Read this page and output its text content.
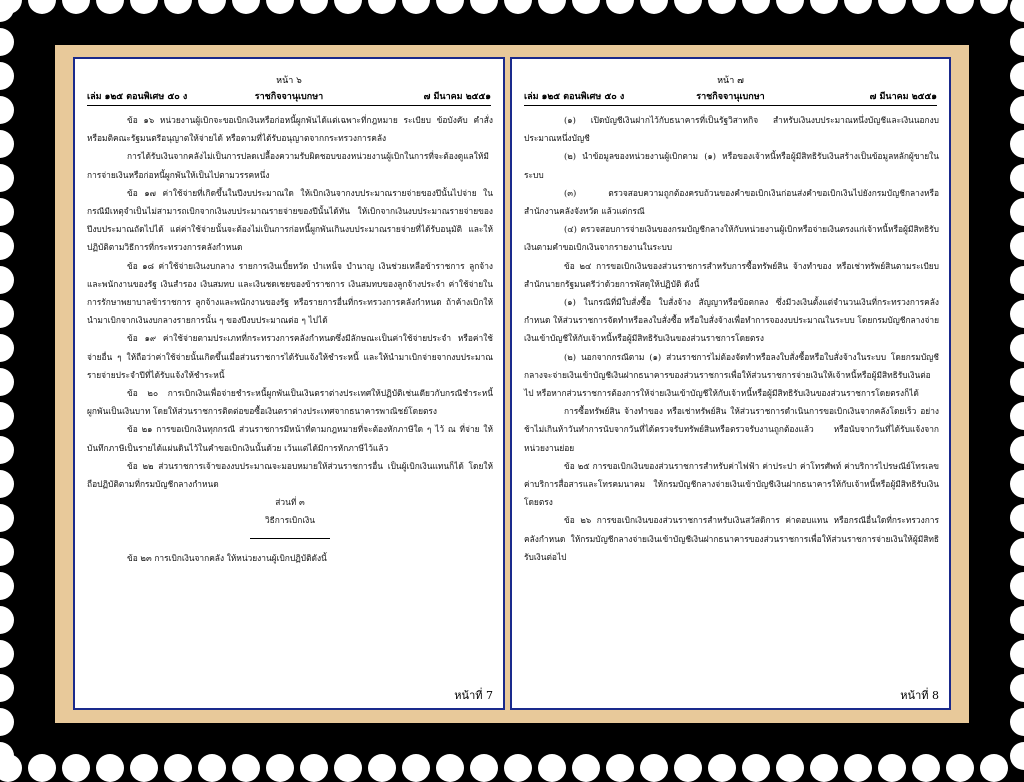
หน้า ๖
เล่ม ๑๒๕ ตอนพิเศษ ๕๐ ง	ราชกิจจานุเบกษา	๗ มีนาคม ๒๕๕๑

ข้อ ๑๖ หน่วยงานผู้เบิกจะขอเบิกเงินหรือก่อหนี้ผูกพันได้แต่เฉพาะที่กฎหมาย ระเบียบ ข้อบังคับ คำสั่ง หรือมติคณะรัฐมนตรีอนุญาตให้จ่ายได้ หรือตามที่ได้รับอนุญาตจากกระทรวงการคลัง

การได้รับเงินจากคลังไม่เป็นการปลดเปลื้องความรับผิดชอบของหน่วยงานผู้เบิกในการที่จะต้องดูแลให้มีการจ่ายเงินหรือก่อหนี้ผูกพันให้เป็นไปตามวรรคหนึ่ง

ข้อ ๑๗ ค่าใช้จ่ายที่เกิดขึ้นในปีงบประมาณใด ให้เบิกเงินจากงบประมาณรายจ่ายของปีนั้นไปจ่าย ในกรณีมีเหตุจำเป็นไม่สามารถเบิกจากเงินงบประมาณรายจ่ายของปีนั้นได้ทัน ให้เบิกจากเงินงบประมาณรายจ่ายของปีงบประมาณถัดไปได้ แต่ค่าใช้จ่ายนั้นจะต้องไม่เป็นการก่อหนี้ผูกพันเกินงบประมาณรายจ่ายที่ได้รับอนุมัติ และให้ปฏิบัติตามวิธีการที่กระทรวงการคลังกำหนด

ข้อ ๑๘ ค่าใช้จ่ายเงินงบกลาง รายการเงินเบี้ยหวัด บำเหน็จ บำนาญ เงินช่วยเหลือข้าราชการ ลูกจ้าง และพนักงานของรัฐ เงินสำรอง เงินสมทบ และเงินชดเชยของข้าราชการ เงินสมทบของลูกจ้างประจำ ค่าใช้จ่ายในการรักษาพยาบาลข้าราชการ ลูกจ้างและพนักงานของรัฐ หรือรายการอื่นที่กระทรวงการคลังกำหนด ถ้าค้างเบิกให้นำมาเบิกจากเงินงบกลางรายการนั้น ๆ ของปีงบประมาณต่อ ๆ ไปได้

ข้อ ๑๙ ค่าใช้จ่ายตามประเภทที่กระทรวงการคลังกำหนดซึ่งมีลักษณะเป็นค่าใช้จ่ายประจำ หรือค่าใช้จ่ายอื่น ๆ ให้ถือว่าค่าใช้จ่ายนั้นเกิดขึ้นเมื่อส่วนราชการได้รับแจ้งให้ชำระหนี้ และให้นำมาเบิกจ่ายจากงบประมาณรายจ่ายประจำปีที่ได้รับแจ้งให้ชำระหนี้

ข้อ ๒๐ การเบิกเงินเพื่อจ่ายชำระหนี้ผูกพันเป็นเงินตราต่างประเทศให้ปฏิบัติเช่นเดียวกับกรณีชำระหนี้ผูกพันเป็นเงินบาท โดยให้ส่วนราชการติดต่อขอซื้อเงินตราต่างประเทศจากธนาคารพาณิชย์โดยตรง

ข้อ ๒๑ การขอเบิกเงินทุกกรณี ส่วนราชการมีหน้าที่ตามกฎหมายที่จะต้องหักภาษีใด ๆ ไว้ ณ ที่จ่าย ให้บันทึกภาษีเป็นรายได้แผ่นดินไว้ในคำขอเบิกเงินนั้นด้วย เว้นแต่ได้มีการหักภาษีไว้แล้ว

ข้อ ๒๒ ส่วนราชการเจ้าของงบประมาณจะมอบหมายให้ส่วนราชการอื่น เป็นผู้เบิกเงินแทนก็ได้ โดยให้ถือปฏิบัติตามที่กรมบัญชีกลางกำหนด

ส่วนที่ ๓

วิธีการเบิกเงิน

ข้อ ๒๓ การเบิกเงินจากคลัง ให้หน่วยงานผู้เบิกปฏิบัติดังนี้

หน้าที่ 7
หน้า ๗
เล่ม ๑๒๕ ตอนพิเศษ ๕๐ ง	ราชกิจจานุเบกษา	๗ มีนาคม ๒๕๕๑

(๑) เปิดบัญชีเงินฝากไว้กับธนาคารที่เป็นรัฐวิสาหกิจ สำหรับเงินงบประมาณหนึ่งบัญชีและเงินนอกงบประมาณหนึ่งบัญชี

(๒) นำข้อมูลของหน่วยงานผู้เบิกตาม (๑) หรือของเจ้าหนี้หรือผู้มีสิทธิรับเงินสร้างเป็นข้อมูลหลักผู้ขายในระบบ

(๓) ตรวจสอบความถูกต้องครบถ้วนของคำขอเบิกเงินก่อนส่งคำขอเบิกเงินไปยังกรมบัญชีกลางหรือสำนักงานคลังจังหวัด แล้วแต่กรณี

(๔) ตรวจสอบการจ่ายเงินของกรมบัญชีกลางให้กับหน่วยงานผู้เบิกหรือจ่ายเงินตรงแก่เจ้าหนี้หรือผู้มีสิทธิรับเงินตามคำขอเบิกเงินจากรายงานในระบบ

ข้อ ๒๔ การขอเบิกเงินของส่วนราชการสำหรับการซื้อทรัพย์สิน จ้างทำของ หรือเช่าทรัพย์สินตามระเบียบสำนักนายกรัฐมนตรีว่าด้วยการพัสดุให้ปฏิบัติ ดังนี้

(๑) ในกรณีที่มีใบสั่งซื้อ ใบสั่งจ้าง สัญญาหรือข้อตกลง ซึ่งมีวงเงินตั้งแต่จำนวนเงินที่กระทรวงการคลังกำหนด ให้ส่วนราชการจัดทำหรือลงใบสั่งซื้อ หรือใบสั่งจ้างเพื่อทำการจองงบประมาณในระบบ โดยกรมบัญชีกลางจ่ายเงินเข้าบัญชีให้กับเจ้าหนี้หรือผู้มีสิทธิรับเงินของส่วนราชการโดยตรง

(๒) นอกจากกรณีตาม (๑) ส่วนราชการไม่ต้องจัดทำหรือลงใบสั่งซื้อหรือใบสั่งจ้างในระบบ โดยกรมบัญชีกลางจะจ่ายเงินเข้าบัญชีเงินฝากธนาคารของส่วนราชการเพื่อให้ส่วนราชการจ่ายเงินให้เจ้าหนี้หรือผู้มีสิทธิรับเงินต่อไป หรือหากส่วนราชการต้องการให้จ่ายเงินเข้าบัญชีให้กับเจ้าหนี้หรือผู้มีสิทธิรับเงินของส่วนราชการโดยตรงก็ได้

การซื้อทรัพย์สิน จ้างทำของ หรือเช่าทรัพย์สิน ให้ส่วนราชการดำเนินการขอเบิกเงินจากคลังโดยเร็ว อย่างช้าไม่เกินห้าวันทำการนับจากวันที่ได้ตรวจรับทรัพย์สินหรือตรวจรับงานถูกต้องแล้ว หรือนับจากวันที่ได้รับแจ้งจากหน่วยงานย่อย

ข้อ ๒๕ การขอเบิกเงินของส่วนราชการสำหรับค่าไฟฟ้า ค่าประปา ค่าโทรศัพท์ ค่าบริการไปรษณีย์โทรเลข ค่าบริการสื่อสารและโทรคมนาคม ให้กรมบัญชีกลางจ่ายเงินเข้าบัญชีเงินฝากธนาคารให้กับเจ้าหนี้หรือผู้มีสิทธิรับเงินโดยตรง

ข้อ ๒๖ การขอเบิกเงินของส่วนราชการสำหรับเงินสวัสดิการ ค่าตอบแทน หรือกรณีอื่นใดที่กระทรวงการคลังกำหนด ให้กรมบัญชีกลางจ่ายเงินเข้าบัญชีเงินฝากธนาคารของส่วนราชการเพื่อให้ส่วนราชการจ่ายเงินให้ผู้มีสิทธิรับเงินต่อไป

หน้าที่ 8
